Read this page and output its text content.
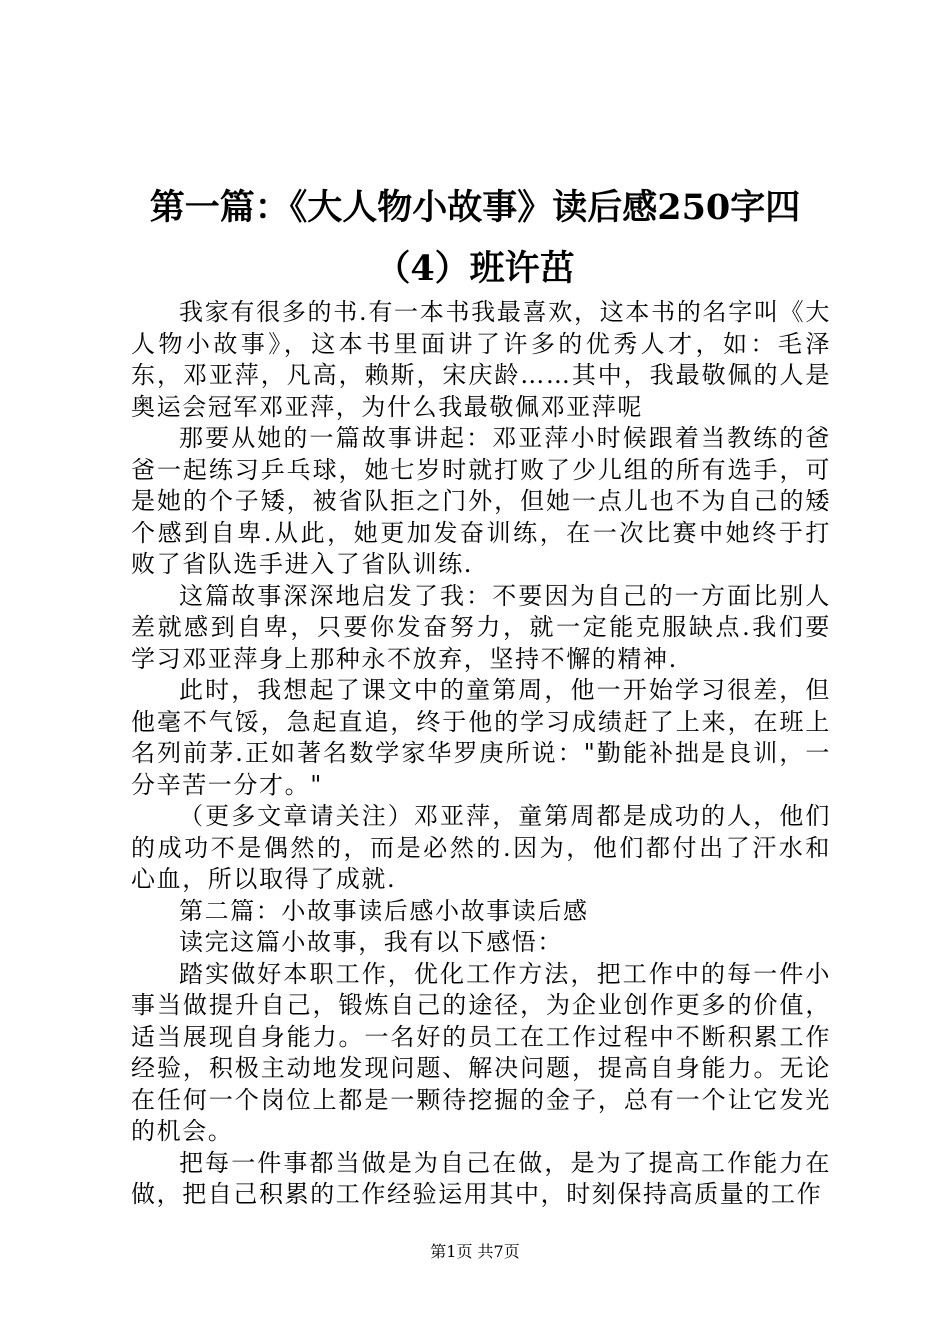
第一篇：《大人物小故事》读后感250字四
（4）班许茁

我家有很多的书.有一本书我最喜欢，这本书的名字叫《大人物小故事》，这本书里面讲了许多的优秀人才，如：毛泽东，邓亚萍，凡高，赖斯，宋庆龄……其中，我最敬佩的人是奥运会冠军邓亚萍，为什么我最敬佩邓亚萍呢

那要从她的一篇故事讲起：邓亚萍小时候跟着当教练的爸爸一起练习乒乓球，她七岁时就打败了少儿组的所有选手，可是她的个子矮，被省队拒之门外，但她一点儿也不为自己的矮个感到自卑.从此，她更加发奋训练，在一次比赛中她终于打败了省队选手进入了省队训练.

这篇故事深深地启发了我：不要因为自己的一方面比别人差就感到自卑，只要你发奋努力，就一定能克服缺点.我们要学习邓亚萍身上那种永不放弃，坚持不懈的精神.

此时，我想起了课文中的童第周，他一开始学习很差，但他毫不气馁，急起直追，终于他的学习成绩赶了上来，在班上名列前茅.正如著名数学家华罗庚所说："勤能补拙是良训，一分辛苦一分才。"

（更多文章请关注）邓亚萍，童第周都是成功的人，他们的成功不是偶然的，而是必然的.因为，他们都付出了汗水和心血，所以取得了成就.

第二篇：小故事读后感小故事读后感

读完这篇小故事，我有以下感悟：

踏实做好本职工作，优化工作方法，把工作中的每一件小事当做提升自己，锻炼自己的途径，为企业创作更多的价值，适当展现自身能力。一名好的员工在工作过程中不断积累工作经验，积极主动地发现问题、解决问题，提高自身能力。无论在任何一个岗位上都是一颗待挖掘的金子，总有一个让它发光的机会。

把每一件事都当做是为自己在做，是为了提高工作能力在做，把自己积累的工作经验运用其中，时刻保持高质量的工作

第1页 共7页
